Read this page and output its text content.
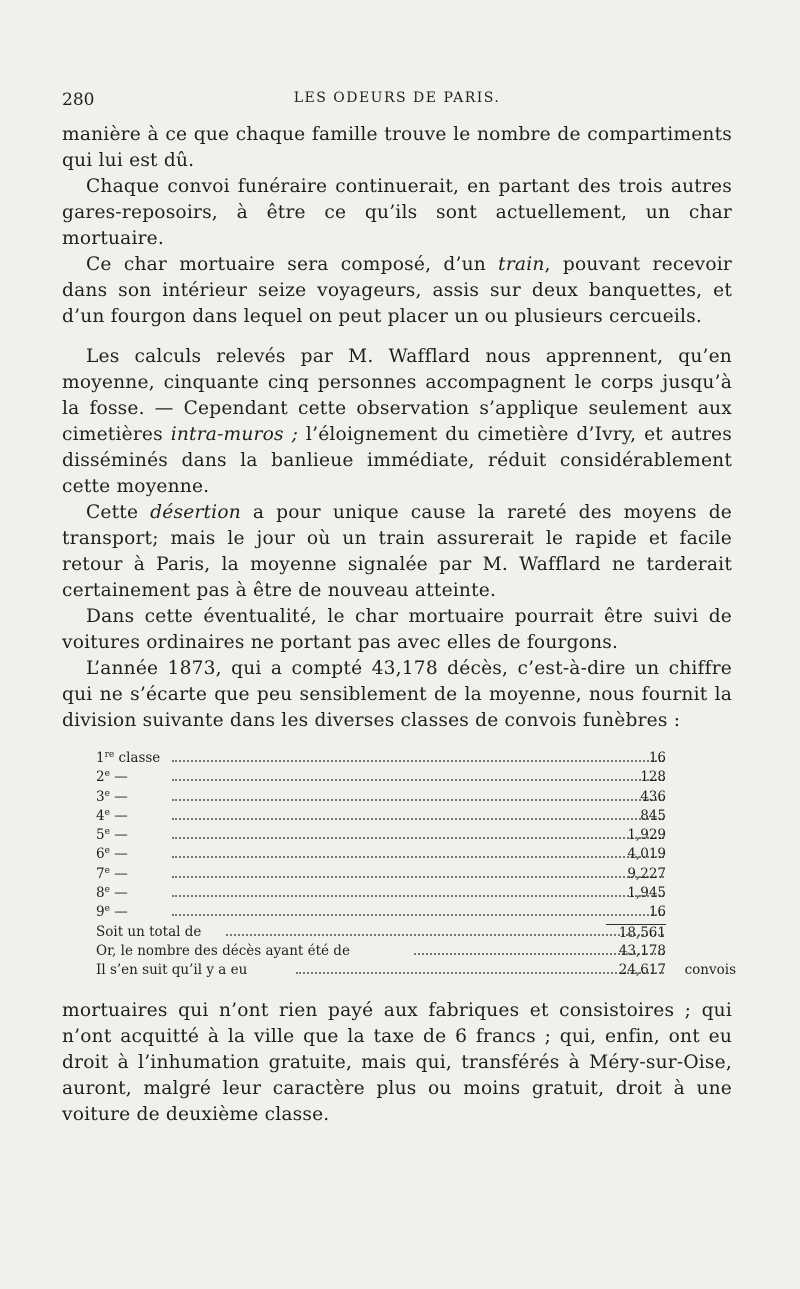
280	LES ODEURS DE PARIS.

manière à ce que chaque famille trouve le nombre de compartiments qui lui est dû.

Chaque convoi funéraire continuerait, en partant des trois autres gares-reposoirs, à être ce qu’ils sont actuellement, un char mortuaire.

Ce char mortuaire sera composé, d’un train, pouvant recevoir dans son intérieur seize voyageurs, assis sur deux banquettes, et d’un fourgon dans lequel on peut placer un ou plusieurs cercueils.

Les calculs relevés par M. Wafflard nous apprennent, qu’en moyenne, cinquante cinq personnes accompagnent le corps jusqu’à la fosse. — Cependant cette observation s’applique seulement aux cimetières intra-muros ; l’éloignement du cimetière d’Ivry, et autres disséminés dans la banlieue immédiate, réduit considérablement cette moyenne.

Cette désertion a pour unique cause la rareté des moyens de transport; mais le jour où un train assurerait le rapide et facile retour à Paris, la moyenne signalée par M. Wafflard ne tarderait certainement pas à être de nouveau atteinte.

Dans cette éventualité, le char mortuaire pourrait être suivi de voitures ordinaires ne portant pas avec elles de fourgons.

L’année 1873, qui a compté 43,178 décès, c’est-à-dire un chiffre qui ne s’écarte que peu sensiblement de la moyenne, nous fournit la division suivante dans les diverses classes de convois funèbres :

1re classe	16
2e —	128
3e —	436
4e —	845
5e —	1,929
6e —	4,019
7e —	9,227
8e —	1,945
9e —	16
Soit un total de	18,561
Or, le nombre des décès ayant été de	43,178
Il s’en suit qu’il y a eu	24,617 convois

mortuaires qui n’ont rien payé aux fabriques et consistoires ; qui n’ont acquitté à la ville que la taxe de 6 francs ; qui, enfin, ont eu droit à l’inhumation gratuite, mais qui, transférés à Méry-sur-Oise, auront, malgré leur caractère plus ou moins gratuit, droit à une voiture de deuxième classe.
